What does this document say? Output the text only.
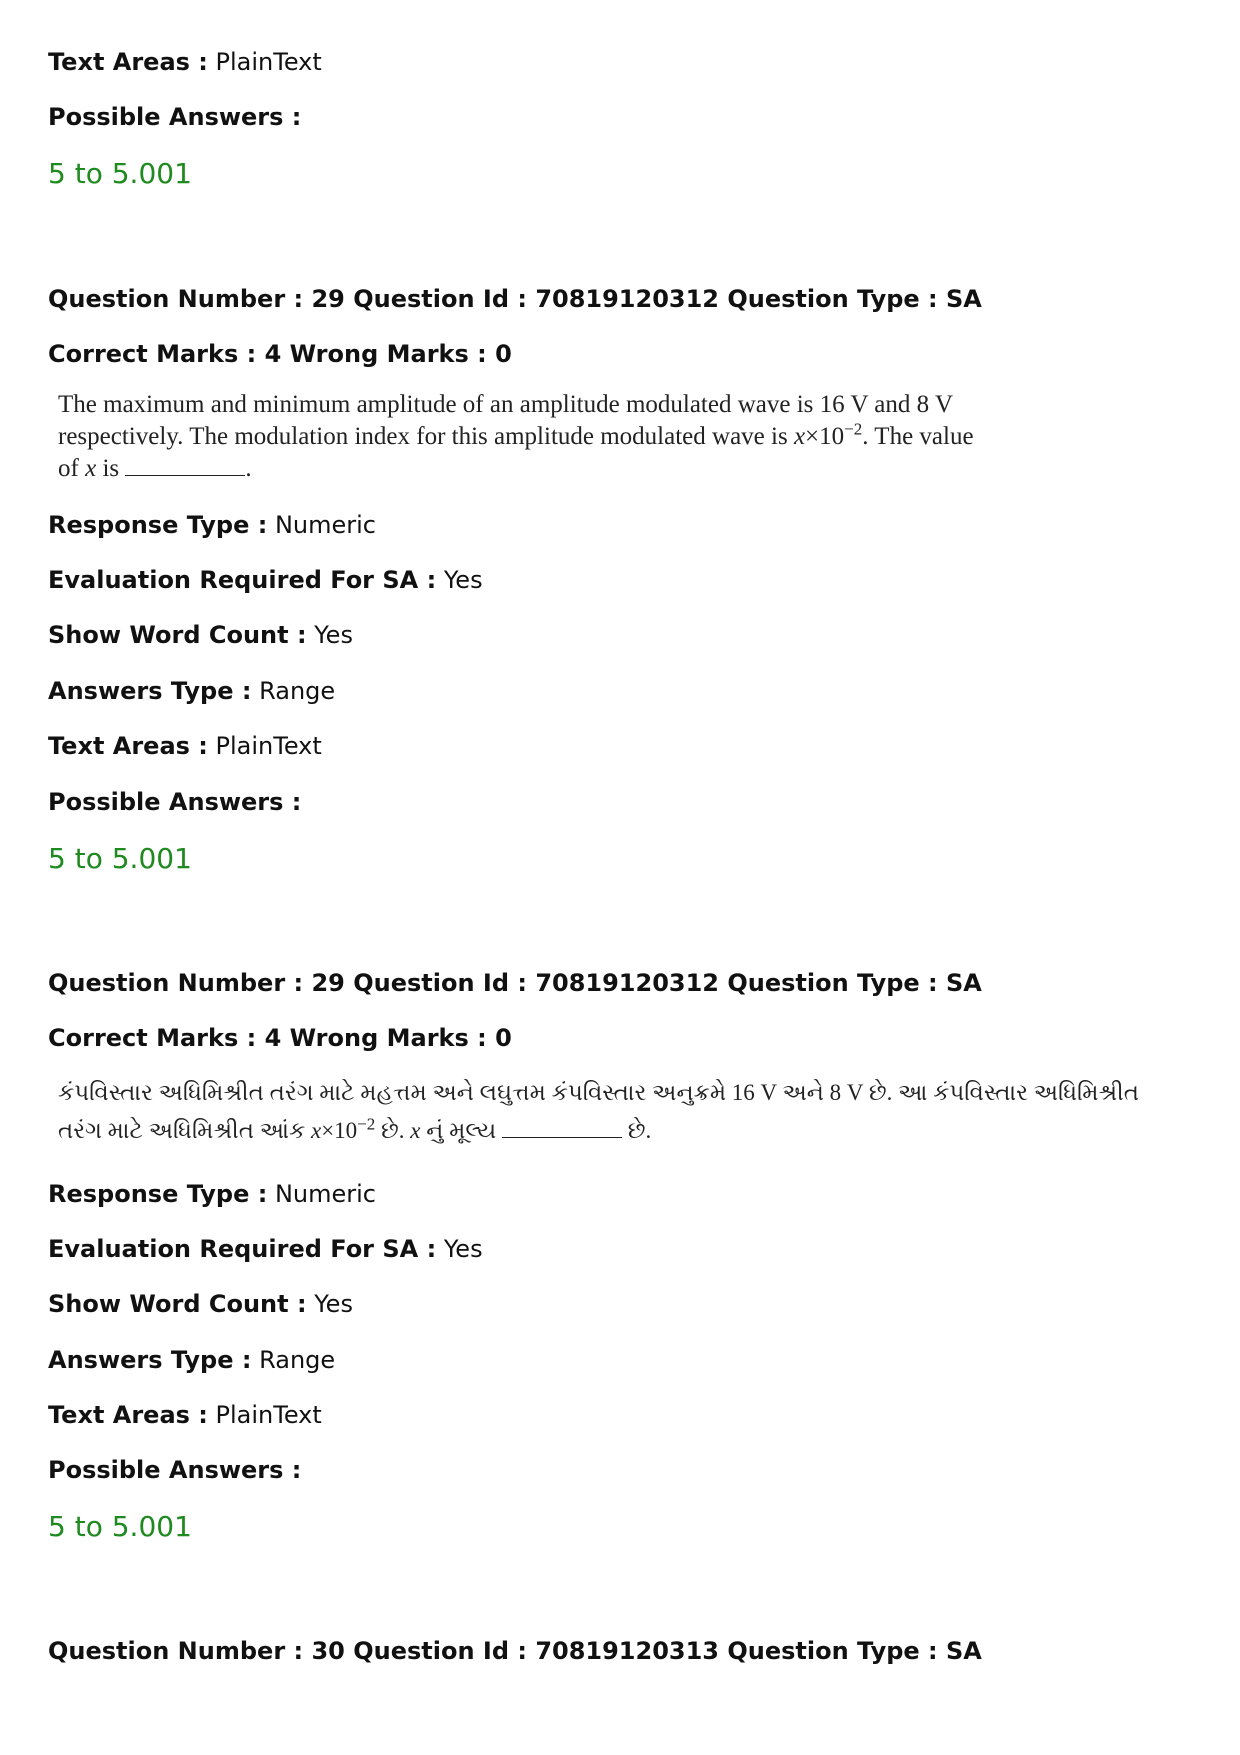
Text Areas : PlainText
Possible Answers :
5 to 5.001
Question Number : 29 Question Id : 70819120312 Question Type : SA
Correct Marks : 4 Wrong Marks : 0
The maximum and minimum amplitude of an amplitude modulated wave is 16 V and 8 V
respectively. The modulation index for this amplitude modulated wave is $x\times 10^{-2}$. The value
of x is	.
Response Type : Numeric
Evaluation Required For SA : Yes
Show Word Count : Yes
Answers Type : Range
Text Areas : PlainText
Possible Answers :
5 to 5.001
Question Number : 29 Question Id : 70819120312 Question Type : SA
Correct Marks : 4 Wrong Marks : 0
કંપવિસ્તાર અધિમિશ્રીત તરંગ માટે મહત્તમ અને લઘુત્તમ કંપવિસ્તાર અનુક્રમે 16 V અને 8 V છે. આ કંપવિસ્તાર અધિમિશ્રીત
તરંગ માટે અધિમિશ્રીત આંક $x\times 10^{-2}$ છે. x નું મૂલ્ય	છે.
Response Type : Numeric
Evaluation Required For SA : Yes
Show Word Count : Yes
Answers Type : Range
Text Areas : PlainText
Possible Answers :
5 to 5.001
Question Number : 30 Question Id : 70819120313 Question Type : SA
